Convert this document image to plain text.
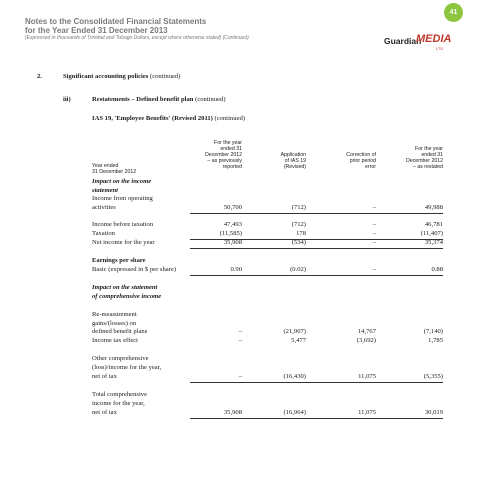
Notes to the Consolidated Financial Statements
for the Year Ended 31 December 2013
(Expressed in thousands of Trinidad and Tobago Dollars, except where otherwise stated) (Continued)
41
Guardian
MEDIA
LTD
2.	Significant accounting policies (continued)
iii)	Restatements – Defined benefit plan (continued)
IAS 19, 'Employee Benefits' (Revised 2011) (continued)
Year ended
31 December 2012
For the year
ended 31
December 2012
– as previously
reported
Application
of IAS 19
(Revised)
Correction of
prior period
error
For the year
ended 31
December 2012
– as restated
Impact on the income
statement
Income from operating
activities	50,700	(712)	–	49,988
Income before taxation	47,493	(712)	–	46,781
Taxation	(11,585)	178	–	(11,407)
Net income for the year	35,908	(534)	–	35,374
Earnings per share
Basic (expressed in $ per share)	0.90	(0.02)	–	0.88
Impact on the statement
of comprehensive income
Re-measurement
gains/(losses) on
defined benefit plans	–	(21,907)	14,767	(7,140)
Income tax effect	–	5,477	(3,692)	1,785
Other comprehensive
(loss)/income for the year,
net of tax	–	(16,430)	11,075	(5,355)
Total comprehensive
income for the year,
net of tax	35,908	(16,964)	11,075	30,019
